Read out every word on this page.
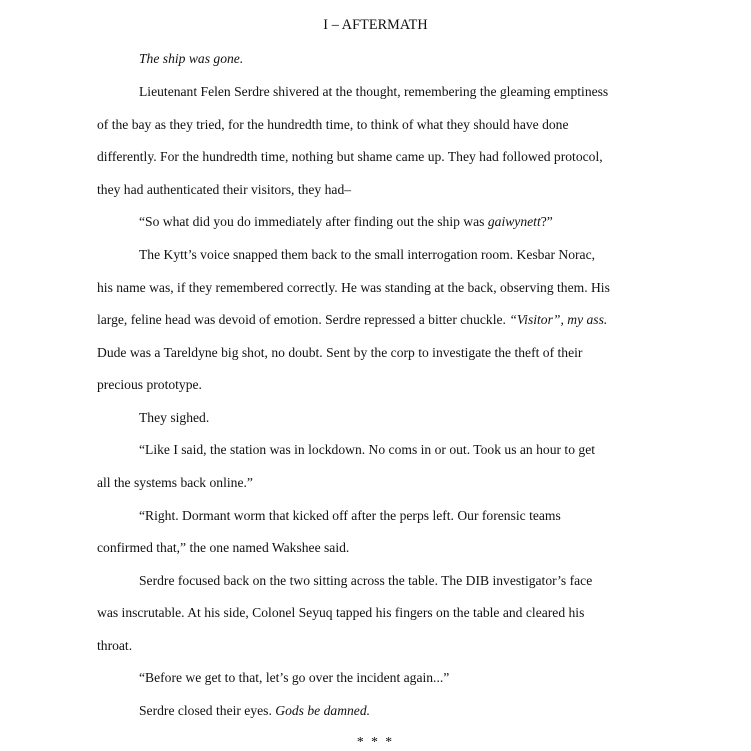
I – AFTERMATH
The ship was gone.
Lieutenant Felen Serdre shivered at the thought, remembering the gleaming emptiness
of the bay as they tried, for the hundredth time, to think of what they should have done
differently. For the hundredth time, nothing but shame came up. They had followed protocol,
they had authenticated their visitors, they had–
“So what did you do immediately after finding out the ship was gaiwynett?”
The Kytt’s voice snapped them back to the small interrogation room. Kesbar Norac,
his name was, if they remembered correctly. He was standing at the back, observing them. His
large, feline head was devoid of emotion. Serdre repressed a bitter chuckle. “Visitor”, my ass.
Dude was a Tareldyne big shot, no doubt. Sent by the corp to investigate the theft of their
precious prototype.
They sighed.
“Like I said, the station was in lockdown. No coms in or out. Took us an hour to get
all the systems back online.”
“Right. Dormant worm that kicked off after the perps left. Our forensic teams
confirmed that,” the one named Wakshee said.
Serdre focused back on the two sitting across the table. The DIB investigator’s face
was inscrutable. At his side, Colonel Seyuq tapped his fingers on the table and cleared his
throat.
“Before we get to that, let’s go over the incident again...”
Serdre closed their eyes. Gods be damned.
* * *
